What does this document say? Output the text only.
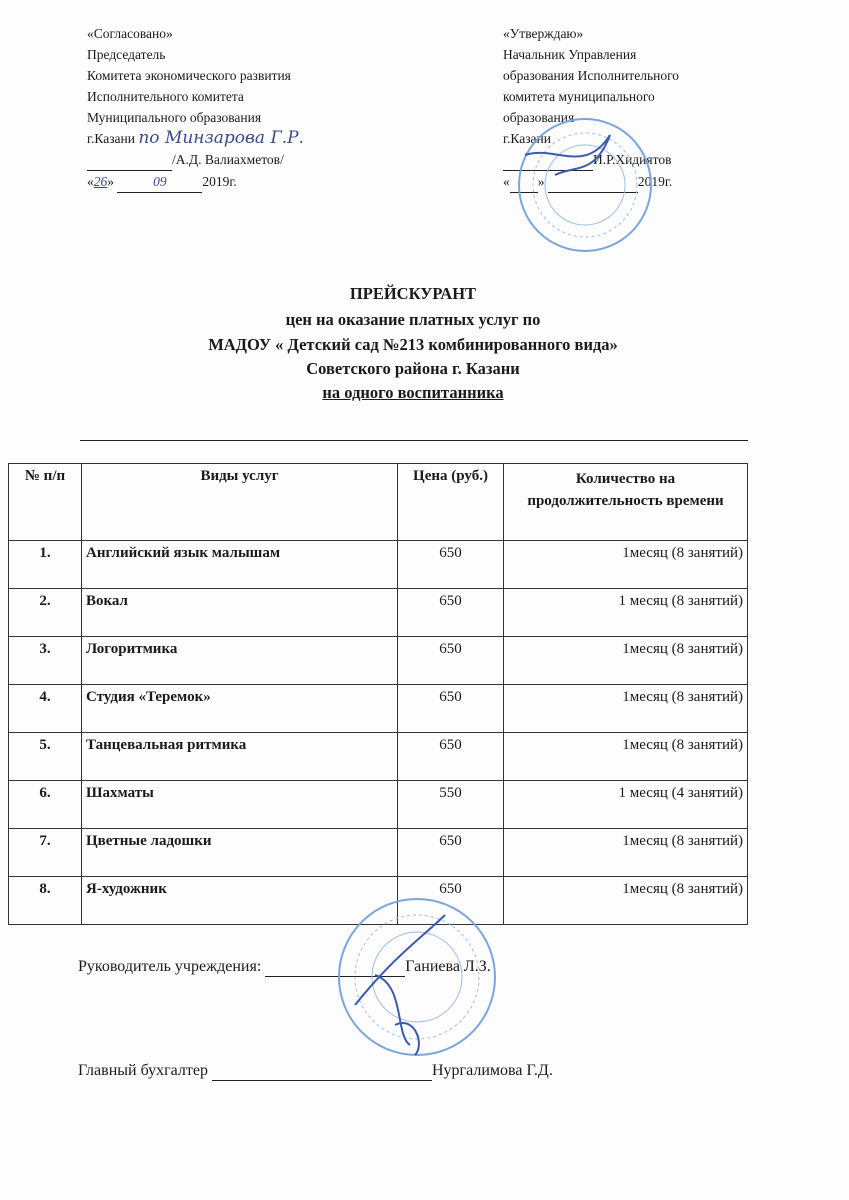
«Согласовано»
Председатель
Комитета экономического развития
Исполнительного комитета
Муниципального образования
г.Казани по Минзарова Г.Р.
/А.Д. Валиахметов/
«26»	09	2019г.
«Утверждаю»
Начальник Управления
образования Исполнительного
комитета муниципального
образования
г.Казани
И.Р.Хидиятов
« »	2019г.
ПРЕЙСКУРАНТ
цен на оказание платных услуг по
МАДОУ « Детский сад №213 комбинированного вида»
Советского района г. Казани
на одного воспитанника
№ п/п	Виды услуг	Цена (руб.)	Количество на продолжительность времени
1.	Английский язык малышам	650	1месяц (8 занятий)
2.	Вокал	650	1 месяц (8 занятий)
3.	Логоритмика	650	1месяц (8 занятий)
4.	Студия «Теремок»	650	1месяц (8 занятий)
5.	Танцевальная ритмика	650	1месяц (8 занятий)
6.	Шахматы	550	1 месяц (4 занятий)
7.	Цветные ладошки	650	1месяц (8 занятий)
8.	Я-художник	650	1месяц (8 занятий)
Руководитель учреждения:	Ганиева Л.З.
Главный бухгалтер	Нургалимова Г.Д.
